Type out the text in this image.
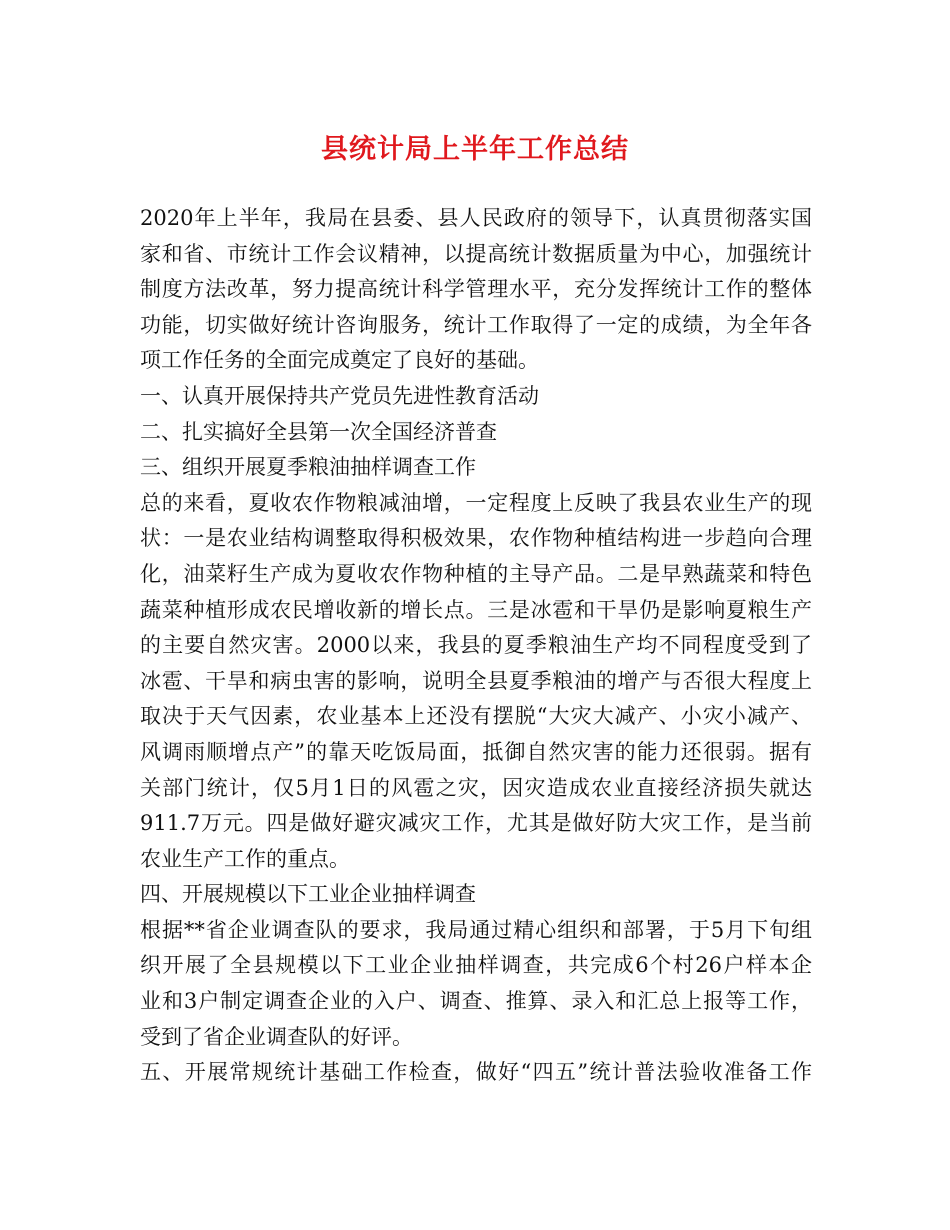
县统计局上半年工作总结
2020年上半年，我局在县委、县人民政府的领导下，认真贯彻落实国
家和省、市统计工作会议精神，以提高统计数据质量为中心，加强统计
制度方法改革，努力提高统计科学管理水平，充分发挥统计工作的整体
功能，切实做好统计咨询服务，统计工作取得了一定的成绩，为全年各
项工作任务的全面完成奠定了良好的基础。
一、认真开展保持共产党员先进性教育活动
二、扎实搞好全县第一次全国经济普查
三、组织开展夏季粮油抽样调查工作
总的来看，夏收农作物粮减油增，一定程度上反映了我县农业生产的现
状：一是农业结构调整取得积极效果，农作物种植结构进一步趋向合理
化，油菜籽生产成为夏收农作物种植的主导产品。二是早熟蔬菜和特色
蔬菜种植形成农民增收新的增长点。三是冰雹和干旱仍是影响夏粮生产
的主要自然灾害。2000以来，我县的夏季粮油生产均不同程度受到了
冰雹、干旱和病虫害的影响，说明全县夏季粮油的增产与否很大程度上
取决于天气因素，农业基本上还没有摆脱“大灾大减产、小灾小减产、
风调雨顺增点产”的靠天吃饭局面，抵御自然灾害的能力还很弱。据有
关部门统计，仅5月1日的风雹之灾，因灾造成农业直接经济损失就达
911.7万元。四是做好避灾减灾工作，尤其是做好防大灾工作，是当前
农业生产工作的重点。
四、开展规模以下工业企业抽样调查
根据**省企业调查队的要求，我局通过精心组织和部署，于5月下旬组
织开展了全县规模以下工业企业抽样调查，共完成6个村26户样本企
业和3户制定调查企业的入户、调查、推算、录入和汇总上报等工作，
受到了省企业调查队的好评。
五、开展常规统计基础工作检查，做好“四五”统计普法验收准备工作
